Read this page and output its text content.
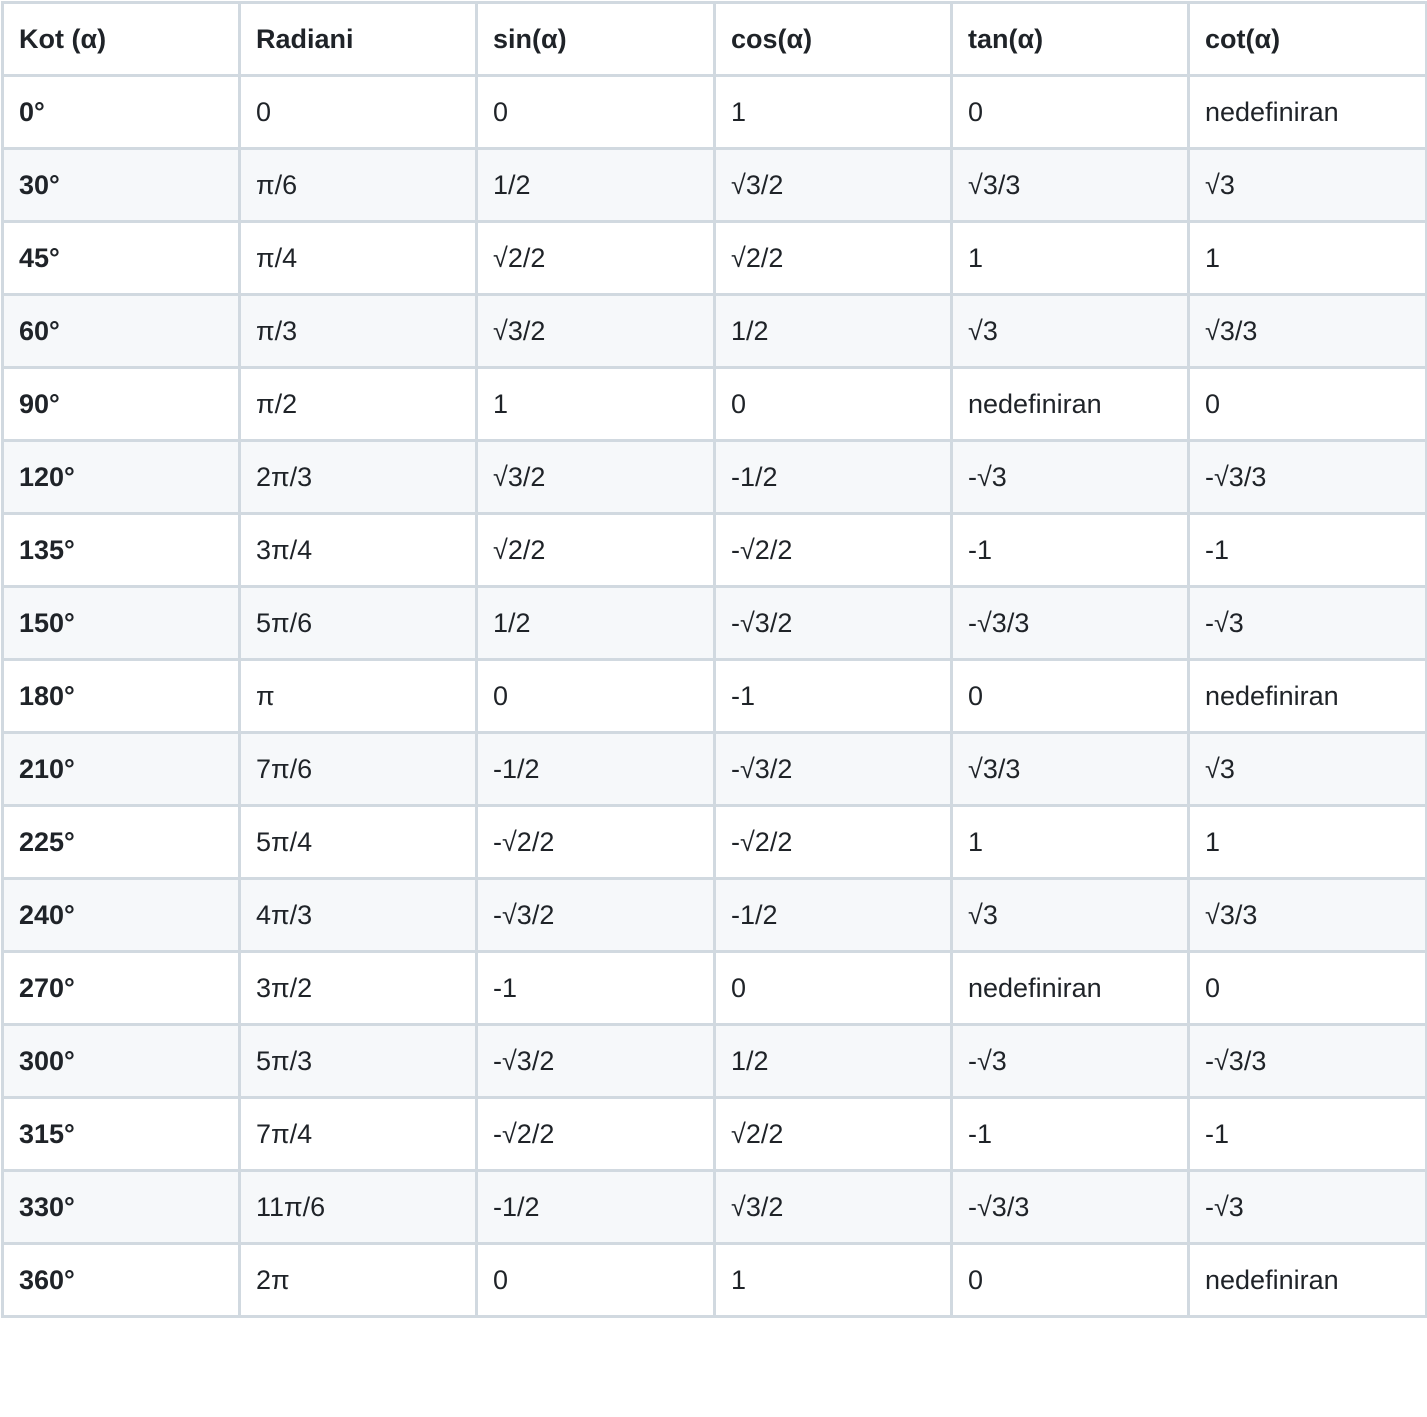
Kot (α)	Radiani	sin(α)	cos(α)	tan(α)	cot(α)
0°	0	0	1	0	nedefiniran
30°	π/6	1/2	√3/2	√3/3	√3
45°	π/4	√2/2	√2/2	1	1
60°	π/3	√3/2	1/2	√3	√3/3
90°	π/2	1	0	nedefiniran	0
120°	2π/3	√3/2	-1/2	-√3	-√3/3
135°	3π/4	√2/2	-√2/2	-1	-1
150°	5π/6	1/2	-√3/2	-√3/3	-√3
180°	π	0	-1	0	nedefiniran
210°	7π/6	-1/2	-√3/2	√3/3	√3
225°	5π/4	-√2/2	-√2/2	1	1
240°	4π/3	-√3/2	-1/2	√3	√3/3
270°	3π/2	-1	0	nedefiniran	0
300°	5π/3	-√3/2	1/2	-√3	-√3/3
315°	7π/4	-√2/2	√2/2	-1	-1
330°	11π/6	-1/2	√3/2	-√3/3	-√3
360°	2π	0	1	0	nedefiniran
